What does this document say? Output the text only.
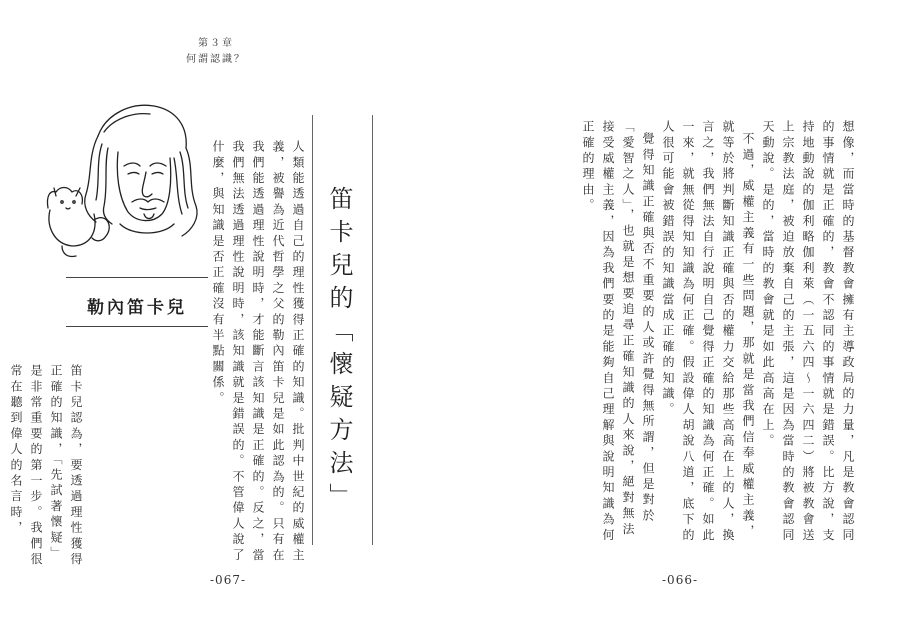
第３章
何謂認識？
勒內笛卡兒	人類能透過自己的理性獲得正確的知識。批判中世紀的威權主義，被譽為近代哲學之父的勒內笛卡兒是如此認為的。只有在我們能透過理性說明時，才能斷言該知識是正確的。反之，當我們無法透過理性說明時，該知識就是錯誤的。不管偉人說了什麼，與知識是否正確沒有半點關係。

笛卡兒認為，要透過理性獲得正確的知識，「先試著懷疑」是非常重要的第一步。我們很常在聽到偉人的名言時，	笛卡兒的「懷疑方法」
-067-

想像，而當時的基督教會擁有主導政局的力量，凡是教會認同的事情就是正確的，教會不認同的事情就是錯誤。比方說，支持地動說的伽利略伽利萊（一五六四～一六四二）將被教會送上宗教法庭，被迫放棄自己的主張，這是因為當時的教會認同天動說。是的，當時的教會就是如此高高在上。

不過，威權主義有一些問題，那就是當我們信奉威權主義，就等於將判斷知識正確與否的權力交給那些高高在上的人，換言之，我們無法自行說明自己覺得正確的知識為何正確。如此一來，就無從得知知識為何正確。假設偉人胡說八道，底下的人很可能會被錯誤的知識當成正確的知識。

覺得知識正確與否不重要的人或許覺得無所謂，但是對於「愛智之人」，也就是想要追尋正確知識的人來說，絕對無法接受威權主義，因為我們要的是能夠自己理解與說明知識為何正確的理由。

-066-
